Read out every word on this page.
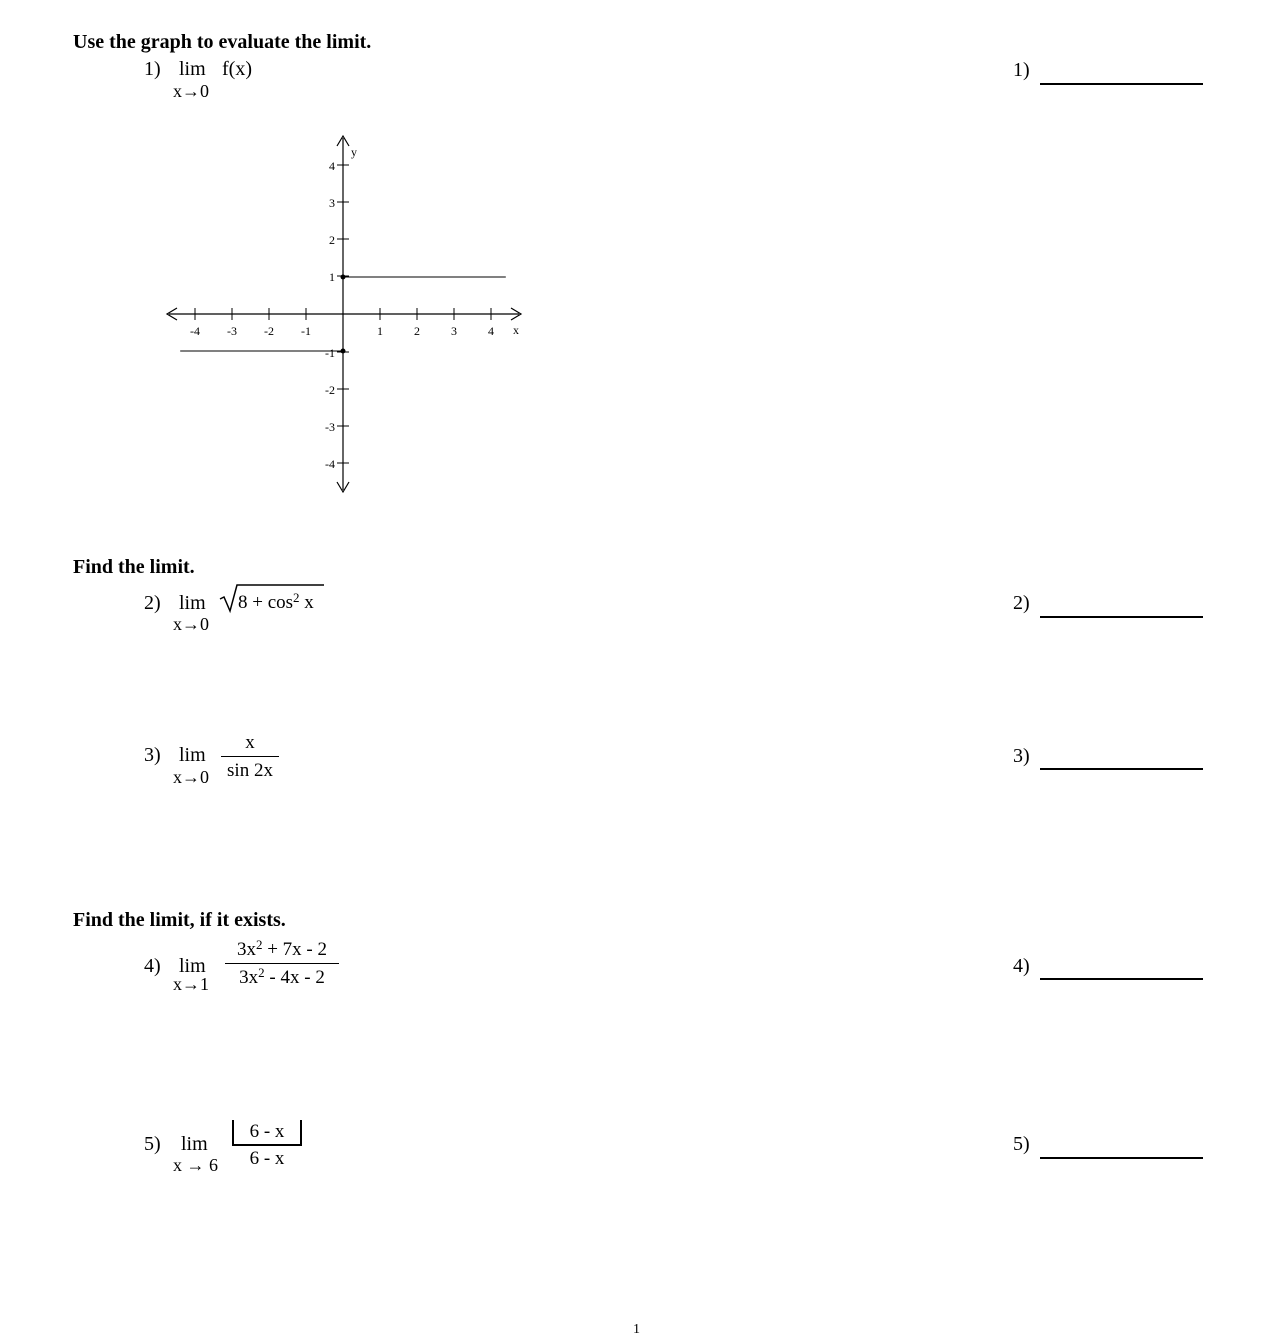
Use the graph to evaluate the limit.
1) lim f(x)
x→0
1)
-4 -3 -2 -1	1	2	3	4 x
4
3
2
1
-1
-2
-3
-4
y
Find the limit.
2) lim
x→0
$8 + \cos^2 x$	2)
3) lim
$x\to 0 \frac{x}{\sin 2x}$	3)
Find the limit, if it exists.
4) lim
$x\to 1 \frac{3x^2 + 7x - 2}{3x^2 - 4x - 2}$	4)
5) lim
x → 6
6 - x
6 - x
5)
1
